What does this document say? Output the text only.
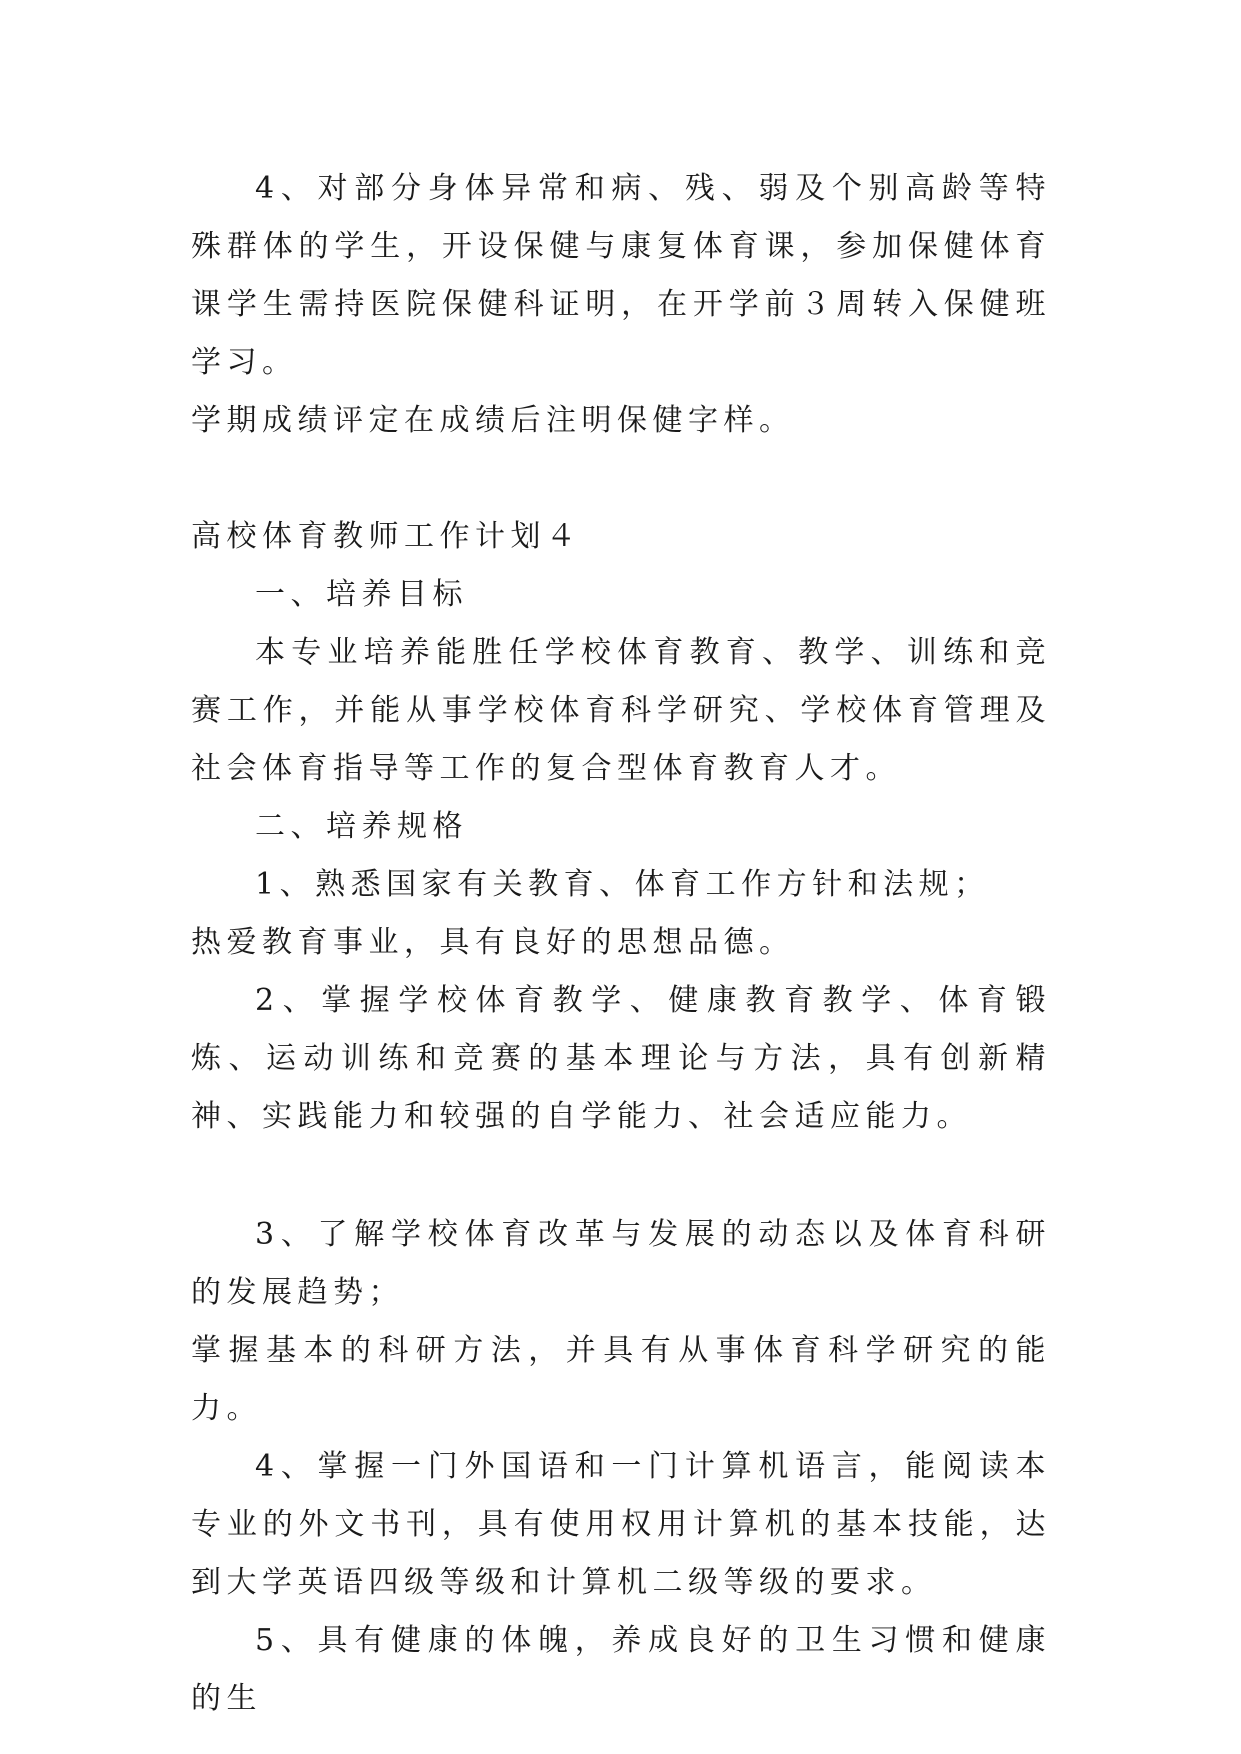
4、对部分身体异常和病、残、弱及个别高龄等特殊群体的学生，开设保健与康复体育课，参加保健体育课学生需持医院保健科证明，在开学前３周转入保健班学习。

学期成绩评定在成绩后注明保健字样。

高校体育教师工作计划４

一、培养目标

本专业培养能胜任学校体育教育、教学、训练和竞赛工作，并能从事学校体育科学研究、学校体育管理及社会体育指导等工作的复合型体育教育人才。

二、培养规格

1、熟悉国家有关教育、体育工作方针和法规；

热爱教育事业，具有良好的思想品德。

2、掌握学校体育教学、健康教育教学、体育锻炼、运动训练和竞赛的基本理论与方法，具有创新精神、实践能力和较强的自学能力、社会适应能力。

3、了解学校体育改革与发展的动态以及体育科研的发展趋势；

掌握基本的科研方法，并具有从事体育科学研究的能力。

4、掌握一门外国语和一门计算机语言，能阅读本专业的外文书刊，具有使用权用计算机的基本技能，达到大学英语四级等级和计算机二级等级的要求。

5、具有健康的体魄，养成良好的卫生习惯和健康的生
